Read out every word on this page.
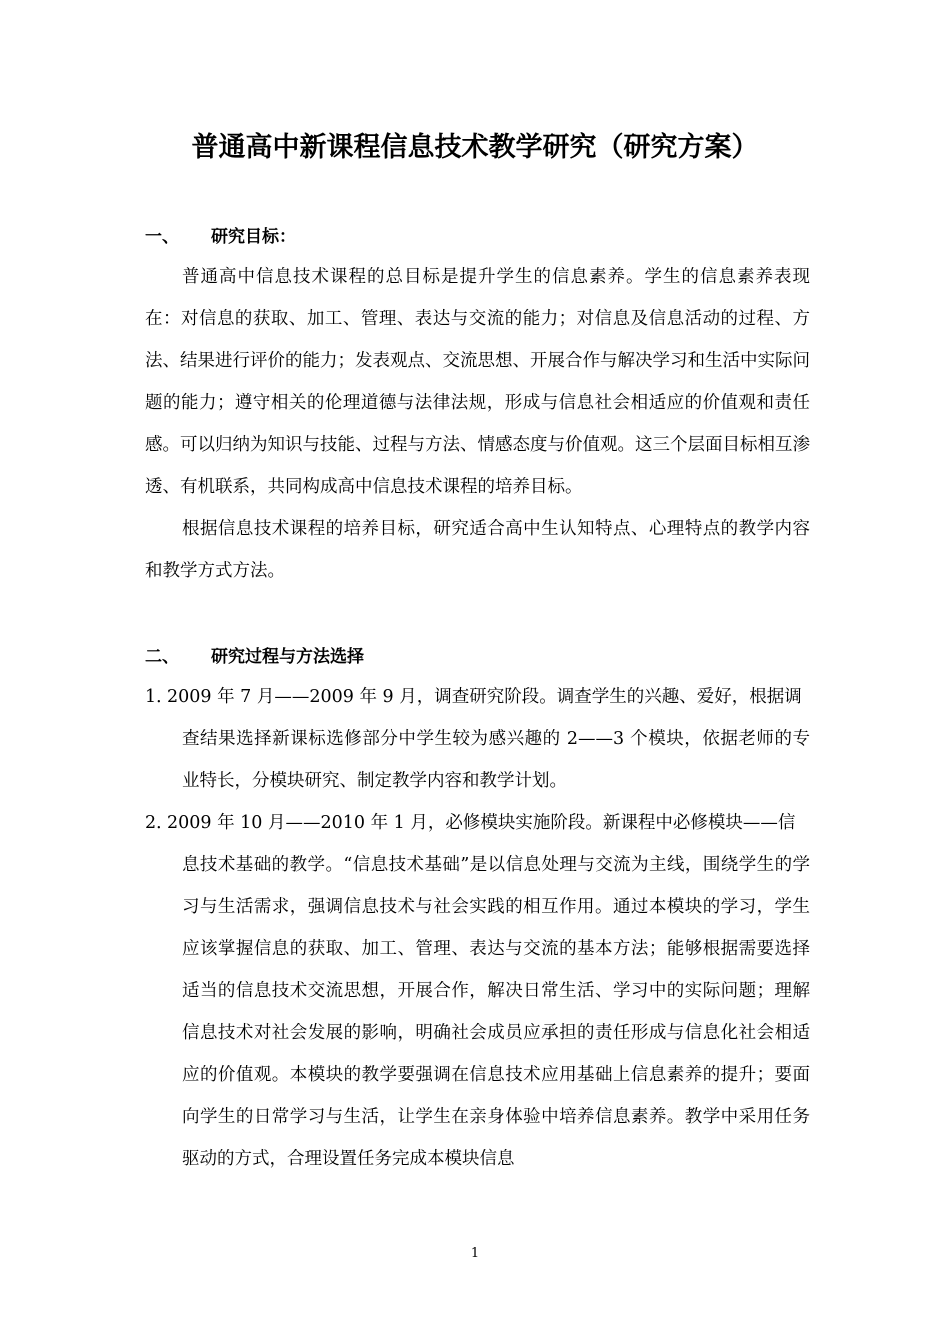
普通高中新课程信息技术教学研究（研究方案）
一、 研究目标：
普通高中信息技术课程的总目标是提升学生的信息素养。学生的信息素养表现在：对信息的获取、加工、管理、表达与交流的能力；对信息及信息活动的过程、方法、结果进行评价的能力；发表观点、交流思想、开展合作与解决学习和生活中实际问题的能力；遵守相关的伦理道德与法律法规，形成与信息社会相适应的价值观和责任感。可以归纳为知识与技能、过程与方法、情感态度与价值观。这三个层面目标相互渗透、有机联系，共同构成高中信息技术课程的培养目标。
根据信息技术课程的培养目标，研究适合高中生认知特点、心理特点的教学内容和教学方式方法。
二、 研究过程与方法选择
1．2009 年 7 月——2009 年 9 月，调查研究阶段。调查学生的兴趣、爱好，根据调
查结果选择新课标选修部分中学生较为感兴趣的 2——3 个模块，依据老师的专业特长，分模块研究、制定教学内容和教学计划。
2．2009 年 10 月——2010 年 1 月，必修模块实施阶段。新课程中必修模块——信
息技术基础的教学。“信息技术基础”是以信息处理与交流为主线，围绕学生的学习与生活需求，强调信息技术与社会实践的相互作用。通过本模块的学习，学生应该掌握信息的获取、加工、管理、表达与交流的基本方法；能够根据需要选择适当的信息技术交流思想，开展合作，解决日常生活、学习中的实际问题；理解信息技术对社会发展的影响，明确社会成员应承担的责任形成与信息化社会相适应的价值观。本模块的教学要强调在信息技术应用基础上信息素养的提升；要面向学生的日常学习与生活，让学生在亲身体验中培养信息素养。教学中采用任务驱动的方式，合理设置任务完成本模块信息
1
